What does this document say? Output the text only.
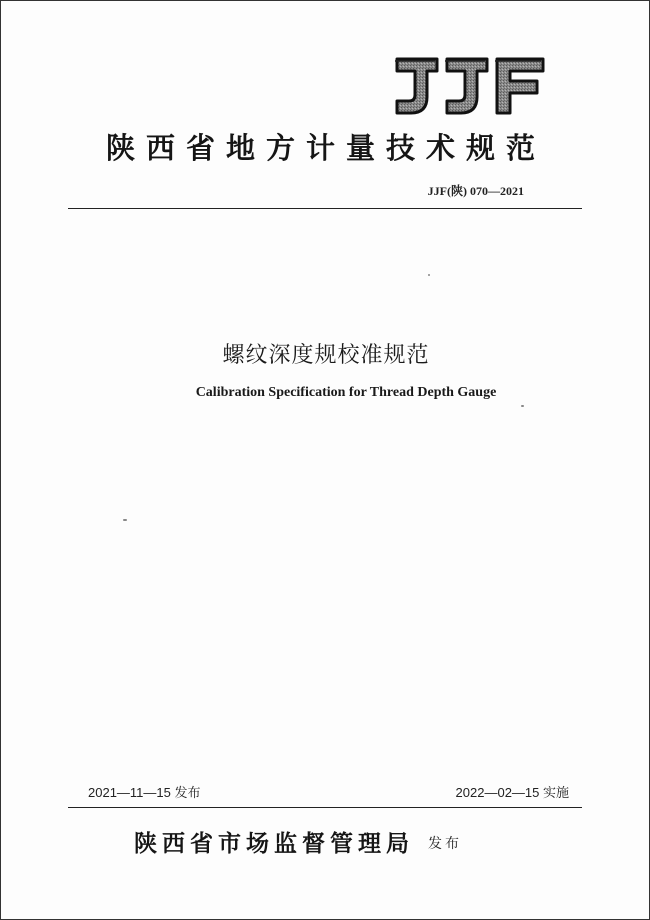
陕西省地方计量技术规范
JJF(陕) 070—2021
螺纹深度规校准规范
Calibration Specification for Thread Depth Gauge
2021—11—15 发布	2022—02—15 实施
陕西省市场监督管理局 发布
